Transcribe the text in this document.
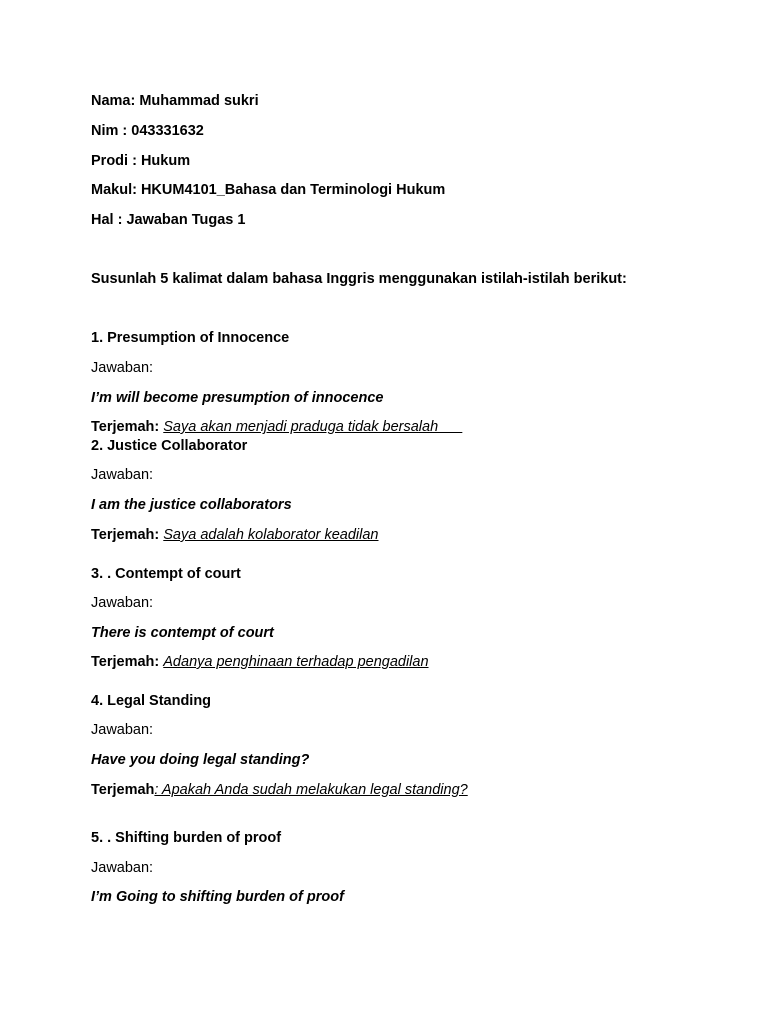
Nama: Muhammad sukri
Nim : 043331632
Prodi : Hukum
Makul: HKUM4101_Bahasa dan Terminologi Hukum
Hal : Jawaban Tugas 1
Susunlah 5 kalimat dalam bahasa Inggris menggunakan istilah-istilah berikut:
1. Presumption of Innocence
Jawaban:
I’m will become presumption of innocence
Terjemah: Saya akan menjadi praduga tidak bersalah
2. Justice Collaborator
Jawaban:
I am the justice collaborators
Terjemah: Saya adalah kolaborator keadilan
3. . Contempt of court
Jawaban:
There is contempt of court
Terjemah: Adanya penghinaan terhadap pengadilan
4. Legal Standing
Jawaban:
Have you doing legal standing?
Terjemah: Apakah Anda sudah melakukan legal standing?
5. . Shifting burden of proof
Jawaban:
I’m Going to shifting burden of proof
